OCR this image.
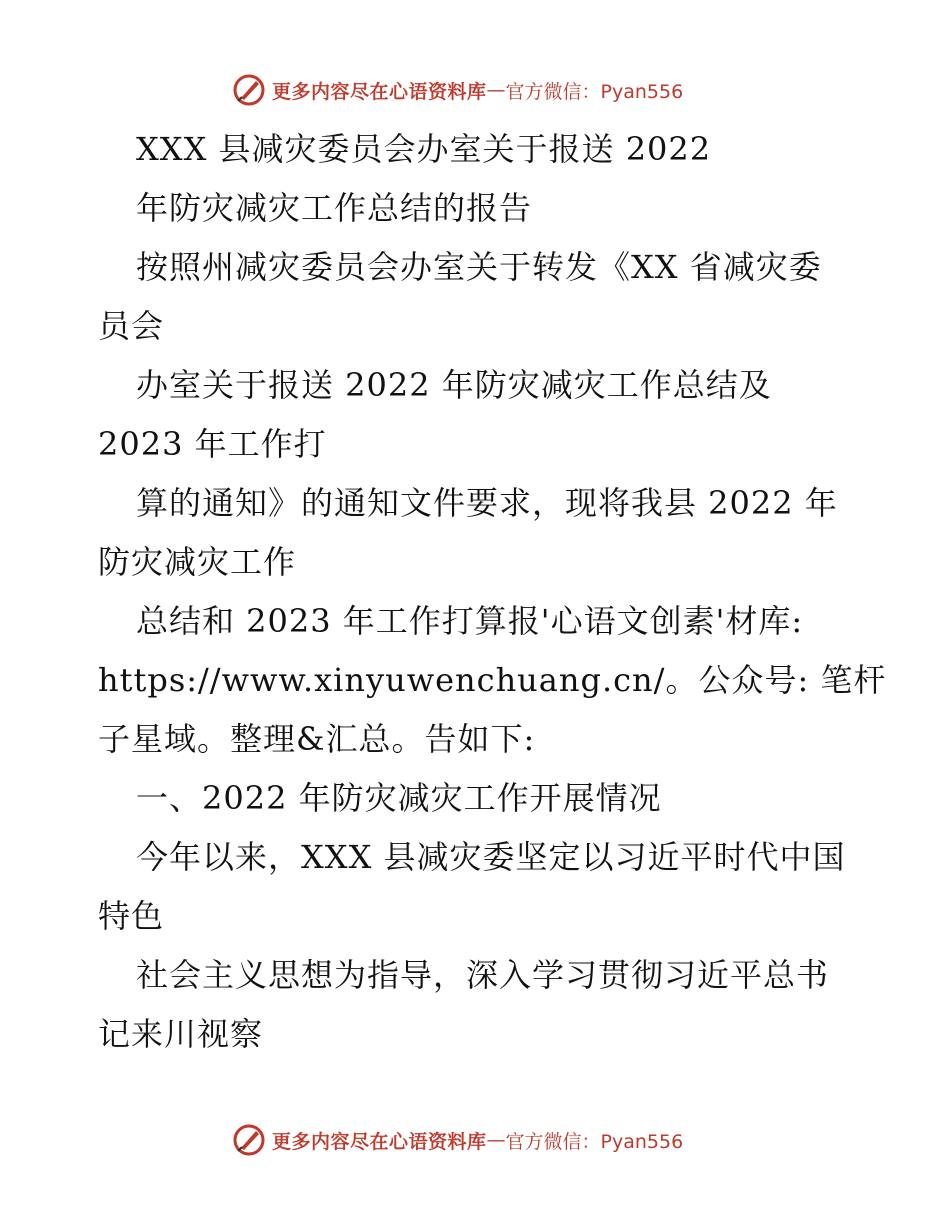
更多内容尽在心语资料库 — 官方微信：Pyan556
XXX 县减灾委员会办室关于报送 2022
年防灾减灾工作总结的报告
按照州减灾委员会办室关于转发《XX 省减灾委
员会
办室关于报送 2022 年防灾减灾工作总结及
2023 年工作打
算的通知》的通知文件要求，现将我县 2022 年
防灾减灾工作
总结和 2023 年工作打算报'心语文创素'材库:
https://www.xinyuwenchuang.cn/。公众号: 笔杆
子星域。整理&汇总。告如下:
一、2022 年防灾减灾工作开展情况
今年以来，XXX 县减灾委坚定以习近平时代中国
特色
社会主义思想为指导，深入学习贯彻习近平总书
记来川视察
更多内容尽在心语资料库 — 官方微信：Pyan556
